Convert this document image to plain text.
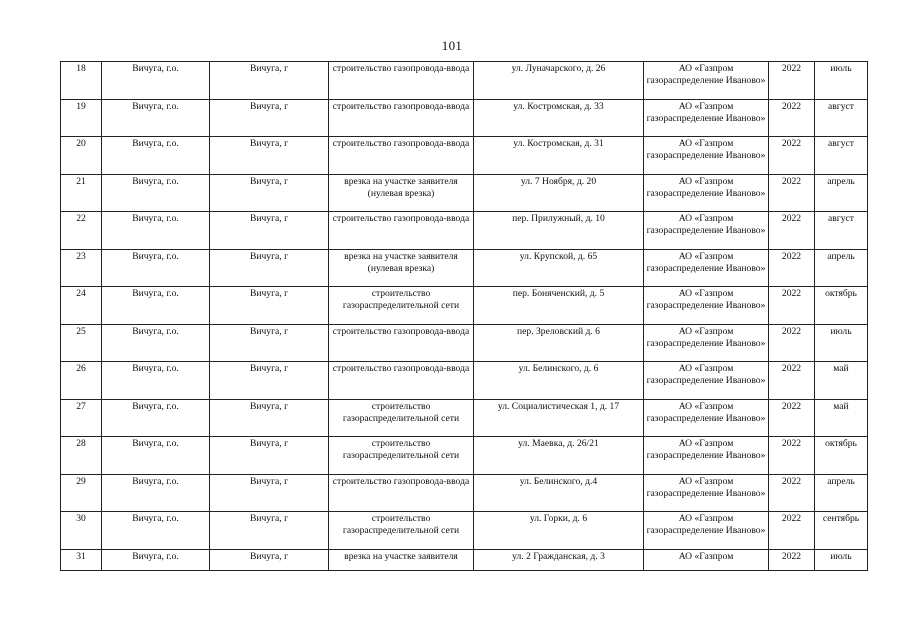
101
18	Вичуга, г.о.	Вичуга, г	строительство газопровода-ввода	ул. Луначарского, д. 26	АО «Газпром газораспределение Иваново»	2022	июль
19	Вичуга, г.о.	Вичуга, г	строительство газопровода-ввода	ул. Костромская, д. 33	АО «Газпром газораспределение Иваново»	2022	август
20	Вичуга, г.о.	Вичуга, г	строительство газопровода-ввода	ул. Костромская, д. 31	АО «Газпром газораспределение Иваново»	2022	август
21	Вичуга, г.о.	Вичуга, г	врезка на участке заявителя (нулевая врезка)	ул. 7 Ноября, д. 20	АО «Газпром газораспределение Иваново»	2022	апрель
22	Вичуга, г.о.	Вичуга, г	строительство газопровода-ввода	пер. Прилужный, д. 10	АО «Газпром газораспределение Иваново»	2022	август
23	Вичуга, г.о.	Вичуга, г	врезка на участке заявителя (нулевая врезка)	ул. Крупской, д. 65	АО «Газпром газораспределение Иваново»	2022	апрель
24	Вичуга, г.о.	Вичуга, г	строительство газораспределительной сети	пер. Боняченский, д. 5	АО «Газпром газораспределение Иваново»	2022	октябрь
25	Вичуга, г.о.	Вичуга, г	строительство газопровода-ввода	пер. Зреловский д. 6	АО «Газпром газораспределение Иваново»	2022	июль
26	Вичуга, г.о.	Вичуга, г	строительство газопровода-ввода	ул. Белинского, д. 6	АО «Газпром газораспределение Иваново»	2022	май
27	Вичуга, г.о.	Вичуга, г	строительство газораспределительной сети	ул. Социалистическая 1, д. 17	АО «Газпром газораспределение Иваново»	2022	май
28	Вичуга, г.о.	Вичуга, г	строительство газораспределительной сети	ул. Маевка, д. 26/21	АО «Газпром газораспределение Иваново»	2022	октябрь
29	Вичуга, г.о.	Вичуга, г	строительство газопровода-ввода	ул. Белинского, д.4	АО «Газпром газораспределение Иваново»	2022	апрель
30	Вичуга, г.о.	Вичуга, г	строительство газораспределительной сети	ул. Горки, д. 6	АО «Газпром газораспределение Иваново»	2022	сентябрь
31	Вичуга, г.о.	Вичуга, г	врезка на участке заявителя	ул. 2 Гражданская, д. 3	АО «Газпром	2022	июль
